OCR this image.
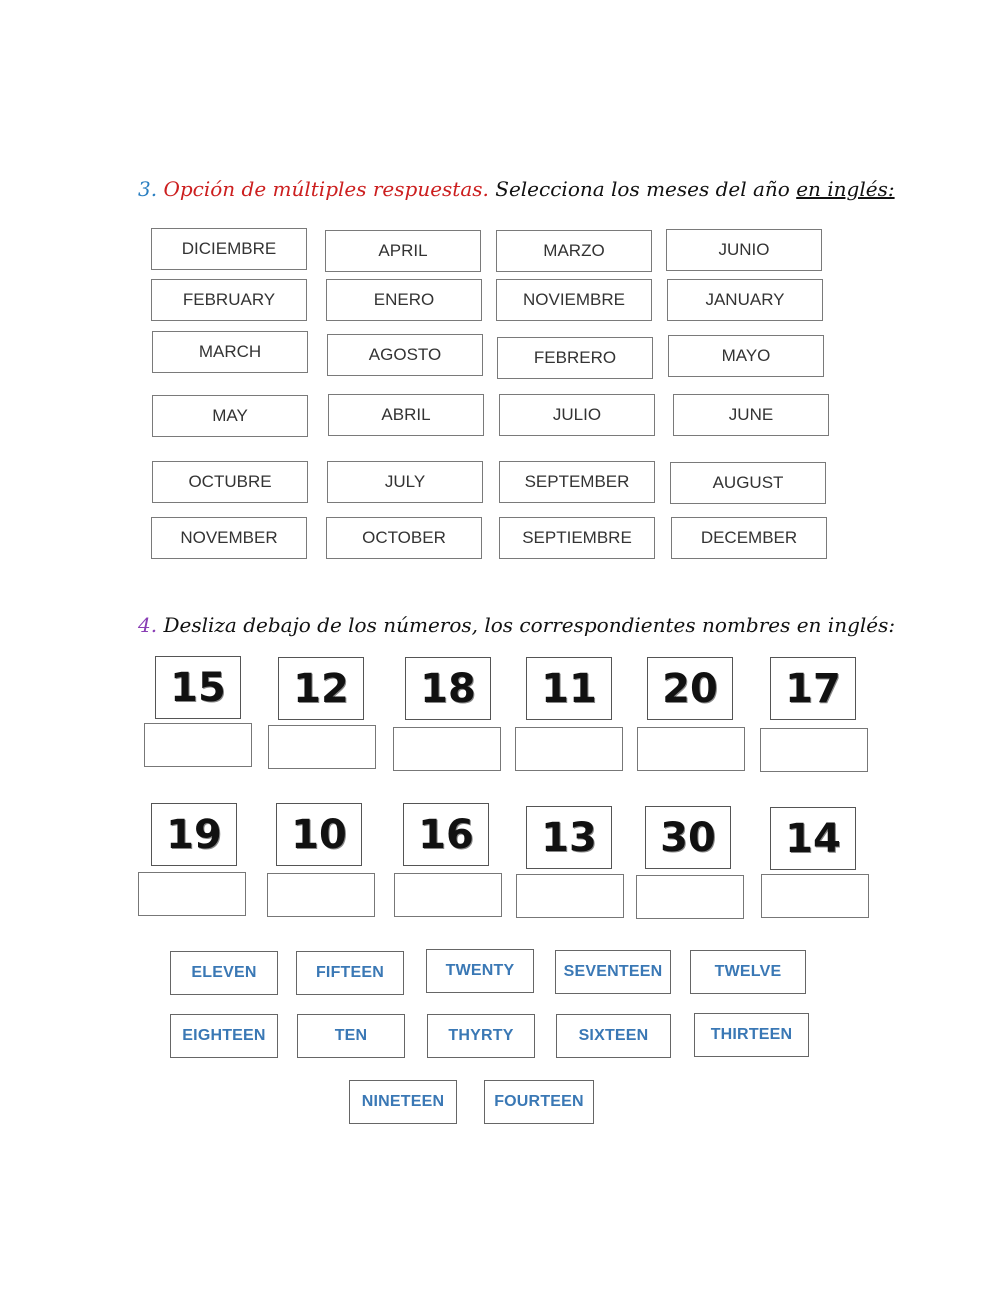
3. Opción de múltiples respuestas. Selecciona los meses del año en inglés:
DICIEMBRE	APRIL	MARZO	JUNIO
FEBRUARY	ENERO	NOVIEMBRE	JANUARY
MARCH	AGOSTO	FEBRERO	MAYO
MAY	ABRIL	JULIO	JUNE
OCTUBRE	JULY	SEPTEMBER	AUGUST
NOVEMBER	OCTOBER	SEPTIEMBRE	DECEMBER
4. Desliza debajo de los números, los correspondientes nombres en inglés:
15	12	18	11	20	17
19	10	16	13	30	14
ELEVEN	FIFTEEN	TWENTY	SEVENTEEN	TWELVE
EIGHTEEN	TEN	THYRTY	SIXTEEN	THIRTEEN
NINETEEN	FOURTEEN
